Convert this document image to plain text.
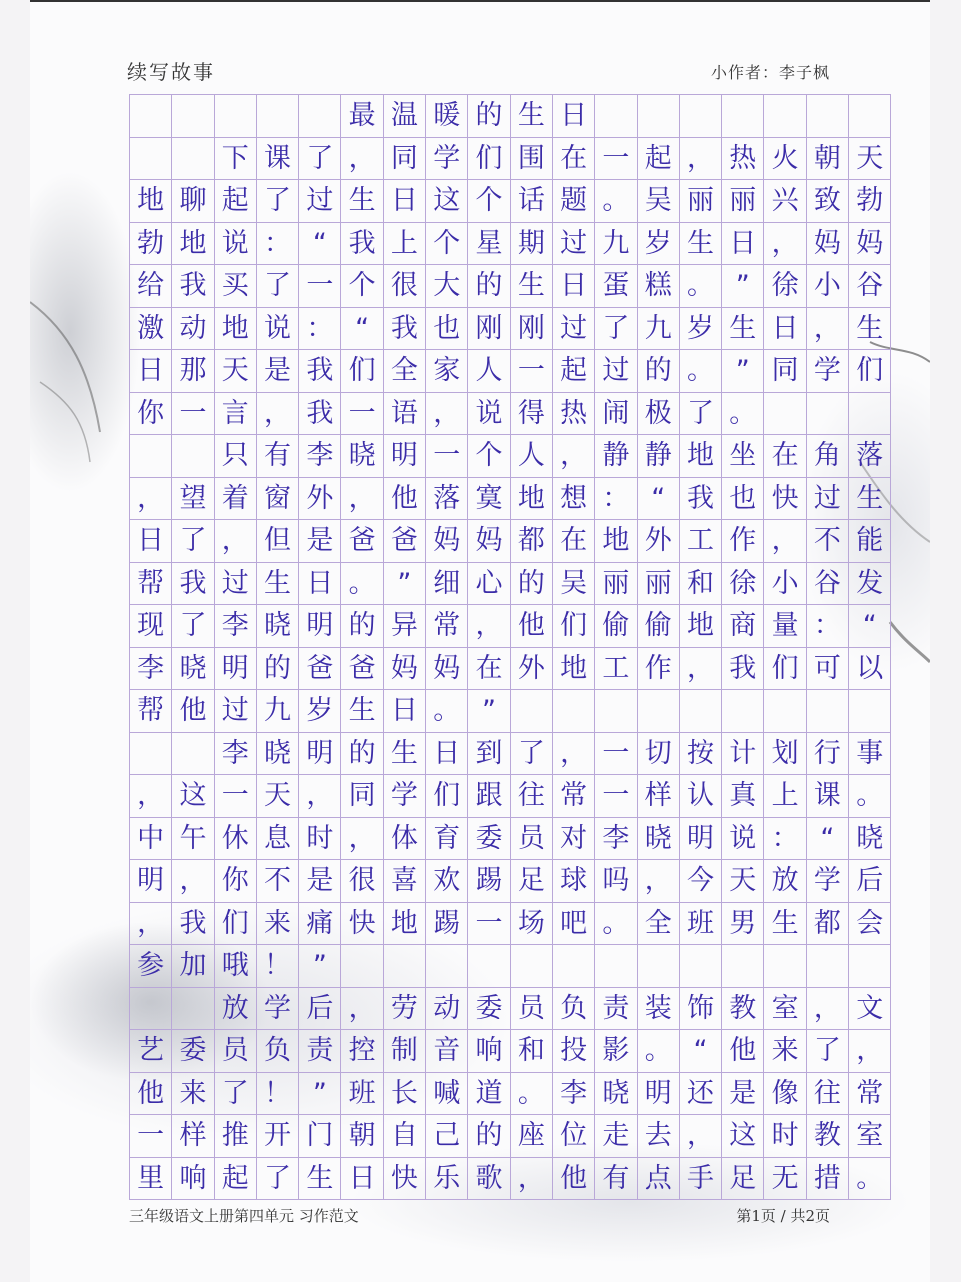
续写故事	小作者：李子枫
最 温 暖 的 生 日
下 课 了 ， 同 学 们 围 在 一 起 ， 热 火 朝 天
地 聊 起 了 过 生 日 这 个 话 题 。 吴 丽 丽 兴 致 勃
勃 地 说 ： “ 我 上 个 星 期 过 九 岁 生 日 ， 妈 妈
给 我 买 了 一 个 很 大 的 生 日 蛋 糕 。 ” 徐 小 谷
激 动 地 说 ： “ 我 也 刚 刚 过 了 九 岁 生 日 ， 生
日 那 天 是 我 们 全 家 人 一 起 过 的 。 ” 同 学 们
你 一 言 ， 我 一 语 ， 说 得 热 闹 极 了 。
只 有 李 晓 明 一 个 人 ， 静 静 地 坐 在 角 落
， 望 着 窗 外 ， 他 落 寞 地 想 ： “ 我 也 快 过 生
日 了 ， 但 是 爸 爸 妈 妈 都 在 地 外 工 作 ， 不 能
帮 我 过 生 日 。 ” 细 心 的 吴 丽 丽 和 徐 小 谷 发
现 了 李 晓 明 的 异 常 ， 他 们 偷 偷 地 商 量 ： “
李 晓 明 的 爸 爸 妈 妈 在 外 地 工 作 ， 我 们 可 以
帮 他 过 九 岁 生 日 。 ”
李 晓 明 的 生 日 到 了 ， 一 切 按 计 划 行 事
， 这 一 天 ， 同 学 们 跟 往 常 一 样 认 真 上 课 。
中 午 休 息 时 ， 体 育 委 员 对 李 晓 明 说 ： “ 晓
明 ， 你 不 是 很 喜 欢 踢 足 球 吗 ， 今 天 放 学 后
， 我 们 来 痛 快 地 踢 一 场 吧 。 全 班 男 生 都 会
参 加 哦 ！ ”
放 学 后 ， 劳 动 委 员 负 责 装 饰 教 室 ， 文
艺 委 员 负 责 控 制 音 响 和 投 影 。 “ 他 来 了 ，
他 来 了 ！ ” 班 长 喊 道 。 李 晓 明 还 是 像 往 常
一 样 推 开 门 朝 自 己 的 座 位 走 去 ， 这 时 教 室
里 响 起 了 生 日 快 乐 歌 ， 他 有 点 手 足 无 措 。
三年级语文上册第四单元 习作范文	第1页 / 共2页
